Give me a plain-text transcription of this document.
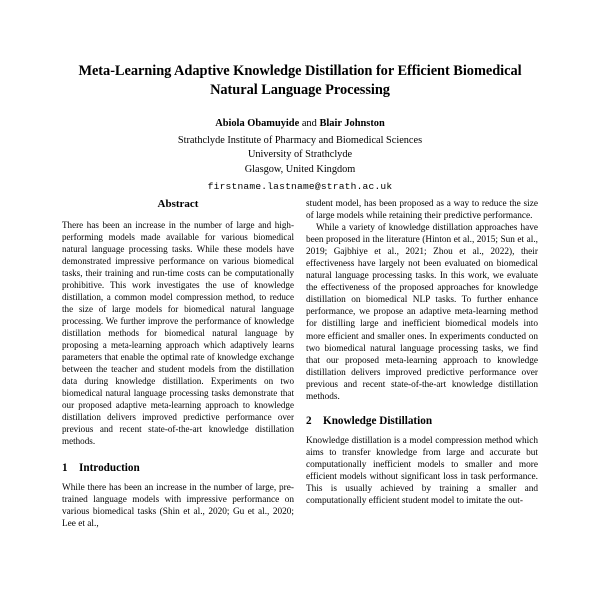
Meta-Learning Adaptive Knowledge Distillation for Efficient Biomedical Natural Language Processing
Abiola Obamuyide and Blair Johnston
Strathclyde Institute of Pharmacy and Biomedical Sciences
University of Strathclyde
Glasgow, United Kingdom
firstname.lastname@strath.ac.uk
Abstract

There has been an increase in the number of large and high-performing models made available for various biomedical natural language processing tasks. While these models have demonstrated impressive performance on various biomedical tasks, their training and run-time costs can be computationally prohibitive. This work investigates the use of knowledge distillation, a common model compression method, to reduce the size of large models for biomedical natural language processing. We further improve the performance of knowledge distillation methods for biomedical natural language by proposing a meta-learning approach which adaptively learns parameters that enable the optimal rate of knowledge exchange between the teacher and student models from the distillation data during knowledge distillation. Experiments on two biomedical natural language processing tasks demonstrate that our proposed adaptive meta-learning approach to knowledge distillation delivers improved predictive performance over previous and recent state-of-the-art knowledge distillation methods.

1	Introduction

While there has been an increase in the number of large, pre-trained language models with impressive performance on various biomedical tasks (Shin et al., 2020; Gu et al., 2020; Lee et al.,

student model, has been proposed as a way to reduce the size of large models while retaining their predictive performance.

While a variety of knowledge distillation approaches have been proposed in the literature (Hinton et al., 2015; Sun et al., 2019; Gajbhiye et al., 2021; Zhou et al., 2022), their effectiveness have largely not been evaluated on biomedical natural language processing tasks. In this work, we evaluate the effectiveness of the proposed approaches for knowledge distillation on biomedical NLP tasks. To further enhance performance, we propose an adaptive meta-learning method for distilling large and inefficient biomedical models into more efficient and smaller ones. In experiments conducted on two biomedical natural language processing tasks, we find that our proposed meta-learning approach to knowledge distillation delivers improved predictive performance over previous and recent state-of-the-art knowledge distillation methods.

2	Knowledge Distillation

Knowledge distillation is a model compression method which aims to transfer knowledge from large and accurate but computationally inefficient models to smaller and more efficient models without significant loss in task performance. This is usually achieved by training a smaller and computationally efficient student model to imitate the out-
